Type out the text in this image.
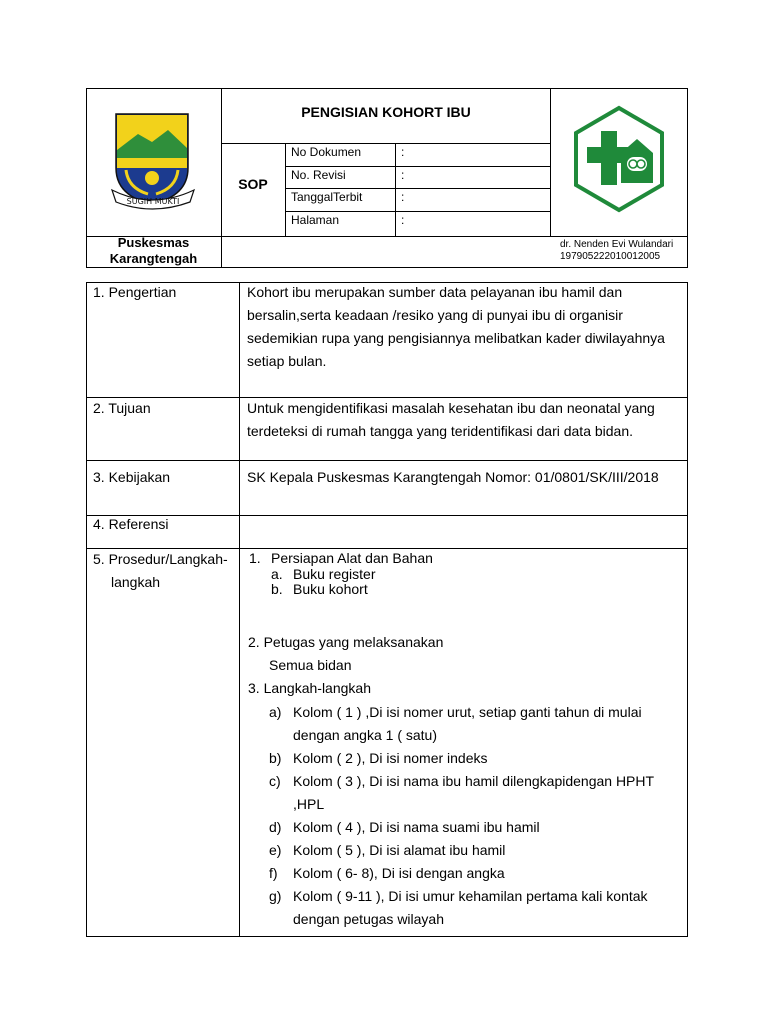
SUGIH MUKTI
PENGISIAN KOHORT IBU
SOP
No Dokumen	:
No. Revisi	:
TanggalTerbit	:
Halaman	:
Puskesmas
Karangtengah
dr. Nenden Evi Wulandari
197905222010012005
1. Pengertian	Kohort ibu merupakan sumber data pelayanan ibu hamil dan
bersalin,serta keadaan /resiko yang di punyai ibu di organisir
sedemikian rupa yang pengisiannya melibatkan kader diwilayahnya
setiap bulan.
2. Tujuan	Untuk mengidentifikasi masalah kesehatan ibu dan neonatal yang
terdeteksi di rumah tangga yang teridentifikasi dari data bidan.
3. Kebijakan	SK Kepala Puskesmas Karangtengah Nomor: 01/0801/SK/III/2018
4. Referensi
5. Prosedur/Langkah-
langkah
1. Persiapan Alat dan Bahan
a. Buku register
b. Buku kohort
2. Petugas yang melaksanakan
Semua bidan
3. Langkah-langkah
a) Kolom ( 1 ) ,Di isi nomer urut, setiap ganti tahun di mulai
dengan angka 1 ( satu)
b) Kolom ( 2 ), Di isi nomer indeks
c) Kolom ( 3 ), Di isi nama ibu hamil dilengkapidengan HPHT
,HPL
d) Kolom ( 4 ), Di isi nama suami ibu hamil
e) Kolom ( 5 ), Di isi alamat ibu hamil
f) Kolom ( 6- 8), Di isi dengan angka
g) Kolom ( 9-11 ), Di isi umur kehamilan pertama kali kontak
dengan petugas wilayah
